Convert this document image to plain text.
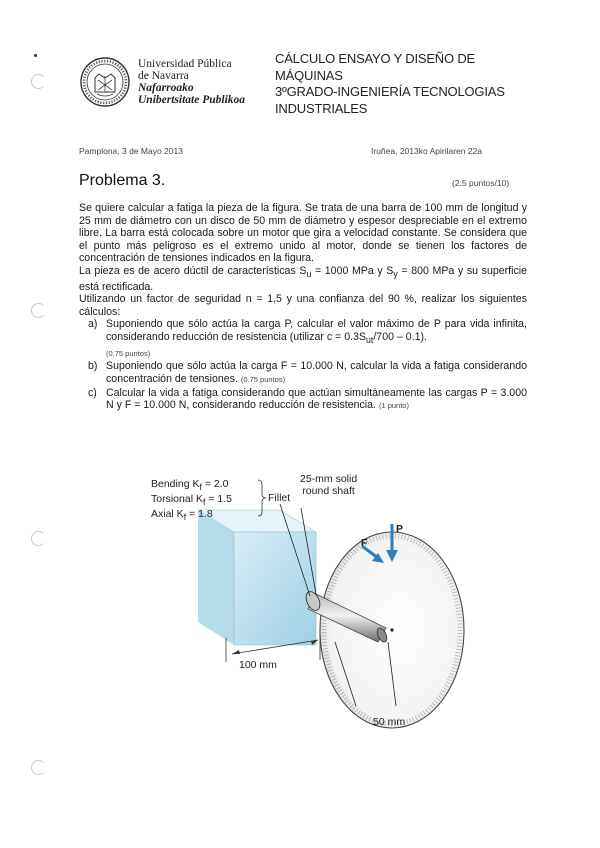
Universidad Pública
de Navarra
Nafarroako
Unibertsitate Publikoa
CÁLCULO ENSAYO Y DISEÑO DE
MÁQUINAS
3ºGRADO-INGENIERÍA TECNOLOGIAS
INDUSTRIALES
Pamplona, 3 de Mayo 2013	Iruñea, 2013ko Apirilaren 22a
Problema 3.	(2.5 puntos/10)

Se quiere calcular a fatiga la pieza de la figura. Se trata de una barra de 100 mm de longitud y 25 mm de diámetro con un disco de 50 mm de diámetro y espesor despreciable en el extremo libre. La barra está colocada sobre un motor que gira a velocidad constante. Se considera que el punto más peligroso es el extremo unido al motor, donde se tienen los factores de concentración de tensiones indicados en la figura.

La pieza es de acero dúctil de características $S_u = 1000$ MPa y $S_y = 800$ MPa y su superficie está rectificada.

Utilizando un factor de seguridad n = 1,5 y una confianza del 90 %, realizar los siguientes cálculos:

a) Suponiendo que sólo actúa la carga P, calcular el valor máximo de P para vida infinita, considerando reducción de resistencia (utilizar $c = 0.3S_{ut}/700 - 0.1$).
(0.75 puntos)
b) Suponiendo que sólo actúa la carga F = 10.000 N, calcular la vida a fatiga considerando concentración de tensiones. (0.75 puntos)
c) Calcular la vida a fatiga considerando que actúan simultáneamente las cargas P = 3.000 N y F = 10.000 N, considerando reducción de resistencia. (1 punto)
Bending $K_f = 2.0$
Torsional $K_f = 1.5$
Axial $K_f = 1.8$
Fillet
25-mm solid
round shaft
F
P
100 mm
50 mm
